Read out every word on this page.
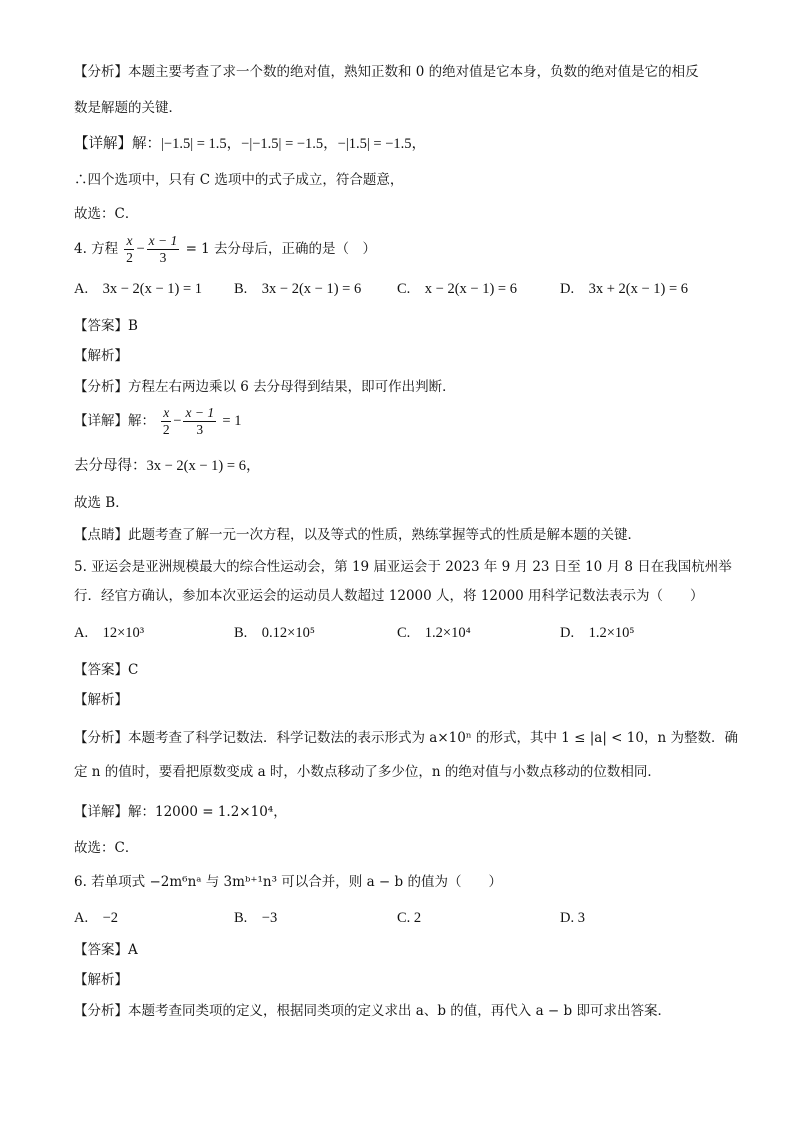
【分析】本题主要考查了求一个数的绝对值，熟知正数和 0 的绝对值是它本身，负数的绝对值是它的相反
数是解题的关键．
【详解】解：|−1.5| = 1.5，−|−1.5| = −1.5，−|1.5| = −1.5，
∴四个选项中，只有 C 选项中的式子成立，符合题意，
故选：C．
4. 方程 $\frac{x}{2} - \frac{x - 1}{3} = 1$ 去分母后，正确的是（　）
A.　3x − 2(x − 1) = 1 B.　3x − 2(x − 1) = 6 C.　x − 2(x − 1) = 6	D.　3x + 2(x − 1) = 6
【答案】B
【解析】
【分析】方程左右两边乘以 6 去分母得到结果，即可作出判断．
【详解】解： $\frac{x}{2} - \frac{x - 1}{3} = 1$
去分母得：3x − 2(x − 1) = 6，
故选 B．
【点睛】此题考查了解一元一次方程，以及等式的性质，熟练掌握等式的性质是解本题的关键．
5. 亚运会是亚洲规模最大的综合性运动会，第 19 届亚运会于 2023 年 9 月 23 日至 10 月 8 日在我国杭州举
行．经官方确认，参加本次亚运会的运动员人数超过 12000 人，将 12000 用科学记数法表示为（　　）
A.　12×10³	B.　0.12×10⁵	C.　1.2×10⁴	D.　1.2×10⁵
【答案】C
【解析】
【分析】本题考查了科学记数法．科学记数法的表示形式为 a×10ⁿ 的形式，其中 1 ≤ |a| < 10，n 为整数．确
定 n 的值时，要看把原数变成 a 时，小数点移动了多少位，n 的绝对值与小数点移动的位数相同．
【详解】解：12000 = 1.2×10⁴，
故选：C．
6. 若单项式 −2m⁶nᵃ 与 3mᵇ⁺¹n³ 可以合并，则 a − b 的值为（　　）
A.　−2	B.　−3	C. 2	D. 3
【答案】A
【解析】
【分析】本题考查同类项的定义，根据同类项的定义求出 a、b 的值，再代入 a − b 即可求出答案．
